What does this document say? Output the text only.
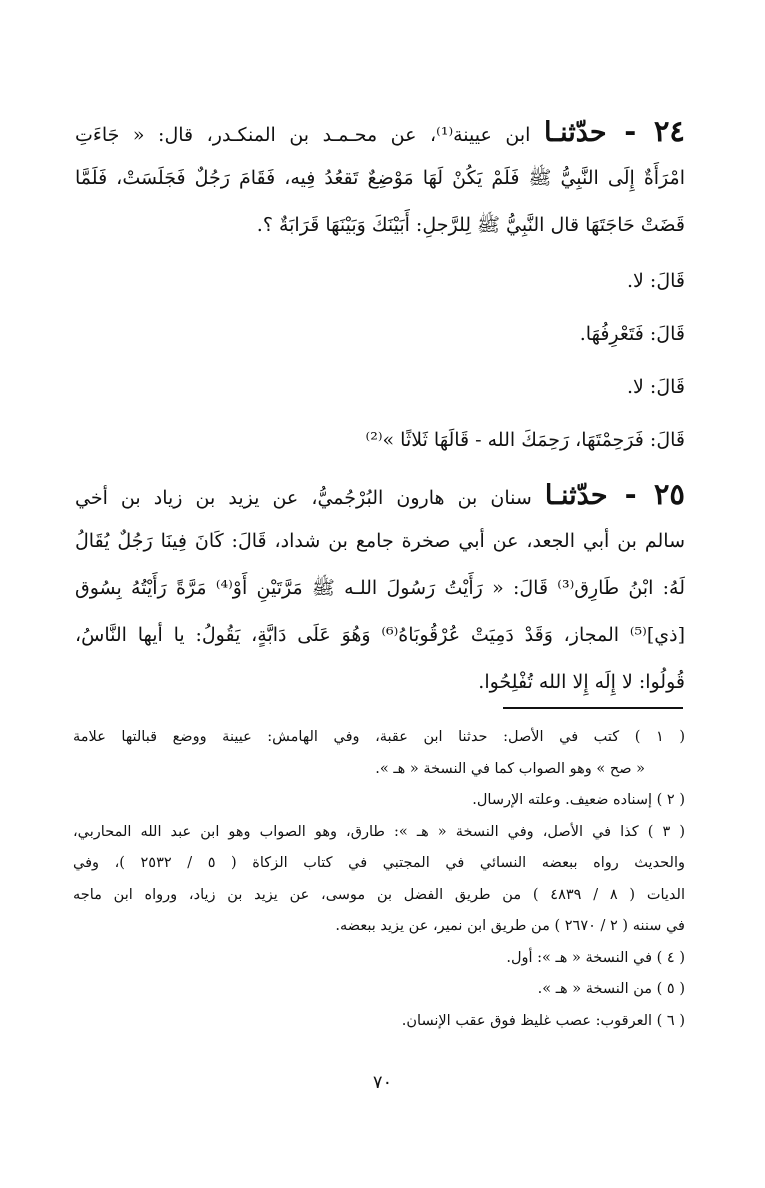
٢٤ - حدّثنـا ابن عيينة⁽¹⁾، عن محـمـد بن المنكـدر، قال: « جَاءَتِ
امْرَأَةٌ إِلَى النَّبِيُّ ﷺ فَلَمْ يَكُنْ لَهَا مَوْضِعٌ تَقعُدُ فِيه، فَقَامَ رَجُلٌ فَجَلَسَتْ، فَلَمَّا
قَضَتْ حَاجَتَهَا قال النَّبِيُّ ﷺ لِلرَّجلِ: أَبَيْنَكَ وَبَيْنَهَا قَرَابَةٌ ؟.
قَالَ: لا.
قَالَ: فَتَعْرِفُهَا.
قَالَ: لا.
قَالَ: فَرَحِمْتَهَا، رَحِمَكَ الله - قَالَهَا ثَلاثًا »⁽²⁾
٢٥ - حدّثنـا سنان بن هارون البُرْجُميُّ، عن يزيد بن زياد بن أخي
سالم بن أبي الجعد، عن أبي صخرة جامع بن شداد، قَالَ: كَانَ فِينَا رَجُلٌ يُقَالُ
لَهُ: ابْنُ طَارِق⁽³⁾ قَالَ: « رَأَيْتُ رَسُولَ اللـه ﷺ مَرَّتَيْنِ أَوْ⁽⁴⁾ مَرَّةً رَأَيْتُهُ بِسُوق
[ذي]⁽⁵⁾ المجاز، وَقَدْ دَمِيَتْ عُرْقُوبَاهُ⁽⁶⁾ وَهُوَ عَلَى دَابَّةٍ، يَقُولُ: يا أيها النَّاسُ،
قُولُوا: لا إِلَه إِلا الله تُفْلِحُوا.
( ١ ) كتب في الأصل: حدثنا ابن عقبة، وفي الهامش: عيينة ووضع قبالتها علامة
« صح » وهو الصواب كما في النسخة « هـ ».
( ٢ ) إسناده ضعيف. وعلته الإرسال.
( ٣ ) كذا في الأصل، وفي النسخة « هـ »: طارق، وهو الصواب وهو ابن عبد الله المحاربي،
والحديث رواه ببعضه النسائي في المجتبي في كتاب الزكاة ( ٥ / ٢٥٣٢ )، وفي
الديات ( ٨ / ٤٨٣٩ ) من طريق الفضل بن موسى، عن يزيد بن زياد، ورواه ابن ماجه
في سننه ( ٢ / ٢٦٧٠ ) من طريق ابن نمير، عن يزيد ببعضه.
( ٤ ) في النسخة « هـ »: أول.
( ٥ ) من النسخة « هـ ».
( ٦ ) العرقوب: عصب غليظ فوق عقب الإنسان.
٧٠
